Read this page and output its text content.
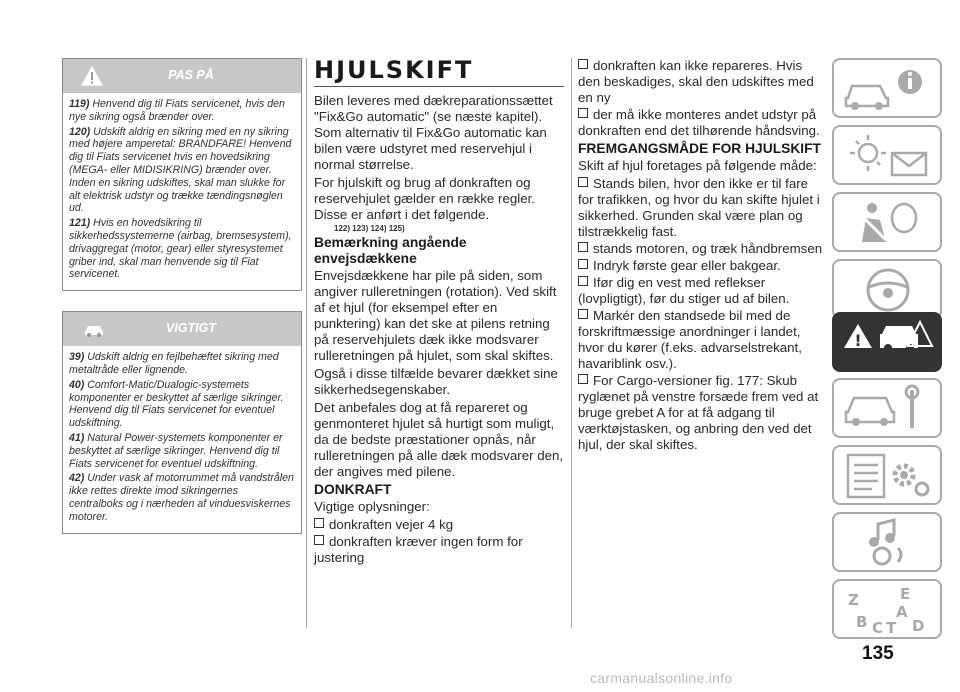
PAS PÅ

119) Henvend dig til Fiats servicenet, hvis den nye sikring også brænder over.

120) Udskift aldrig en sikring med en ny sikring med højere amperetal: BRANDFARE! Henvend dig til Fiats servicenet hvis en hovedsikring (MEGA- eller MIDISIKRING) brænder over. Inden en sikring udskiftes, skal man slukke for alt elektrisk udstyr og trække tændingsnøglen ud.

121) Hvis en hovedsikring til sikkerhedssystemerne (airbag, bremsesystem), drivaggregat (motor, gear) eller styresystemet griber ind, skal man henvende sig til Fiat servicenet.

VIGTIGT

39) Udskift aldrig en fejlbehæftet sikring med metaltråde eller lignende.

40) Comfort-Matic/Dualogic-systemets komponenter er beskyttet af særlige sikringer. Henvend dig til Fiats servicenet for eventuel udskiftning.

41) Natural Power-systemets komponenter er beskyttet af særlige sikringer. Henvend dig til Fiats servicenet for eventuel udskiftning.

42) Under vask af motorrummet må vandstrålen ikke rettes direkte imod sikringernes centralboks og i nærheden af vinduesviskernes motorer.

HJULSKIFT

Bilen leveres med dækreparationssættet "Fix&Go automatic" (se næste kapitel). Som alternativ til Fix&Go automatic kan bilen være udstyret med reservehjul i normal størrelse.

For hjulskift og brug af donkraften og reservehjulet gælder en række regler. Disse er anført i det følgende.

122) 123) 124) 125)
Bemærkning angående envejsdækkene

Envejsdækkene har pile på siden, som angiver rulleretningen (rotation). Ved skift af et hjul (for eksempel efter en punktering) kan det ske at pilens retning på reservehjulets dæk ikke modsvarer rulleretningen på hjulet, som skal skiftes.

Også i disse tilfælde bevarer dækket sine sikkerhedsegenskaber.

Det anbefales dog at få repareret og genmonteret hjulet så hurtigt som muligt, da de bedste præstationer opnås, når rulleretningen på alle dæk modsvarer den, der angives med pilene.

DONKRAFT

Vigtige oplysninger:

donkraften vejer 4 kg

donkraften kræver ingen form for justering

donkraften kan ikke repareres. Hvis den beskadiges, skal den udskiftes med en ny

der må ikke monteres andet udstyr på donkraften end det tilhørende håndsving.

FREMGANGSMÅDE FOR HJULSKIFT

Skift af hjul foretages på følgende måde:

Stands bilen, hvor den ikke er til fare for trafikken, og hvor du kan skifte hjulet i sikkerhed. Grunden skal være plan og tilstrækkelig fast.

stands motoren, og træk håndbremsen

Indryk første gear eller bakgear.

Ifør dig en vest med reflekser (lovpligtigt), før du stiger ud af bilen.

Markér den standsede bil med de forskriftmæssige anordninger i landet, hvor du kører (f.eks. advarselstrekant, havariblink osv.).

For Cargo-versioner fig. 177: Skub ryglænet på venstre forsæde frem ved at bruge grebet A for at få adgang til værktøjstasken, og anbring den ved det hjul, der skal skiftes.

!
Z	E
B
A
C T D
135
carmanualsonline.info
